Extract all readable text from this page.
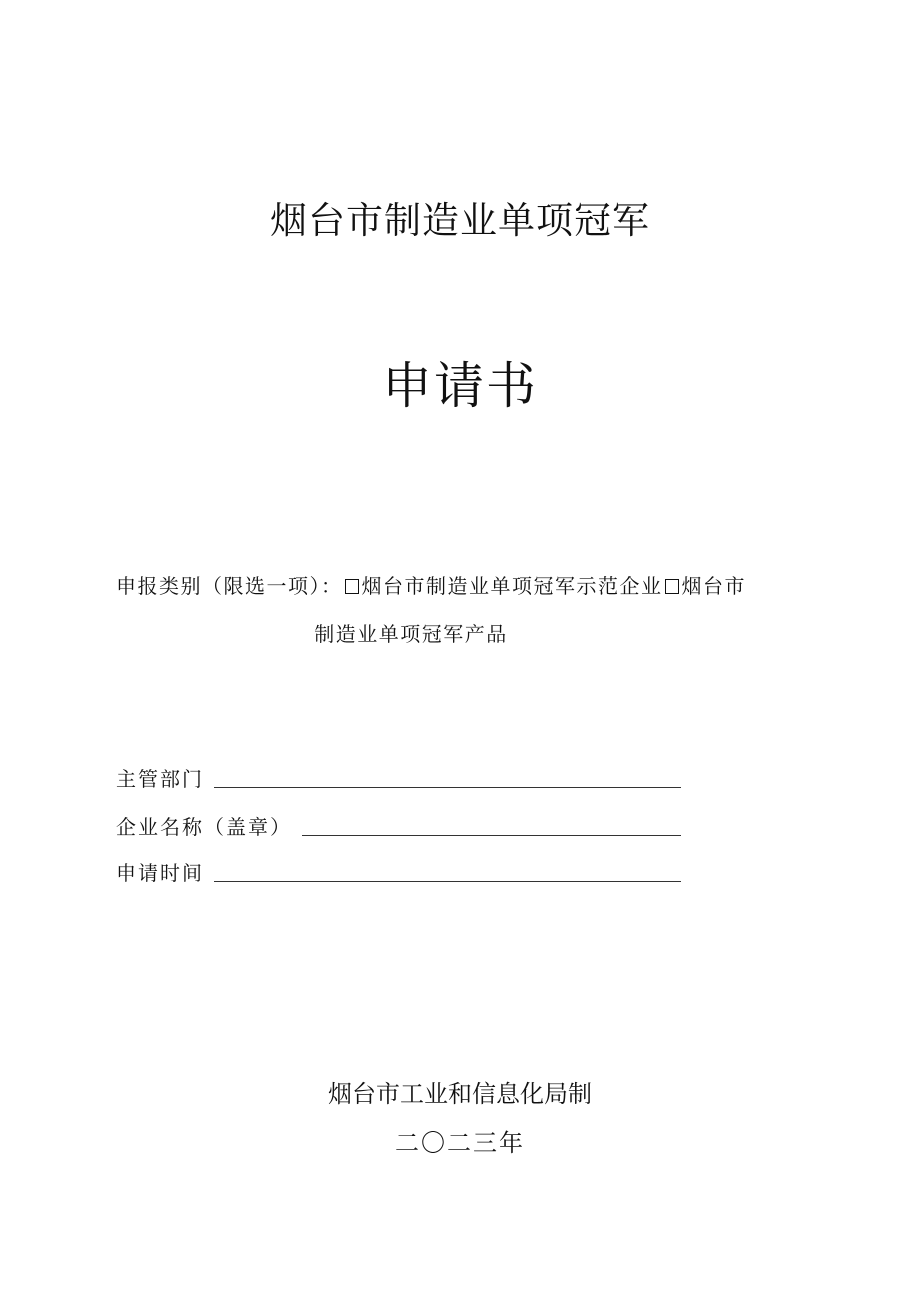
烟台市制造业单项冠军
申请书
申报类别（限选一项）： 烟台市制造业单项冠军示范企业 烟台市
制造业单项冠军产品
主管部门
企业名称（盖章）
申请时间
烟台市工业和信息化局制
二〇二三年
